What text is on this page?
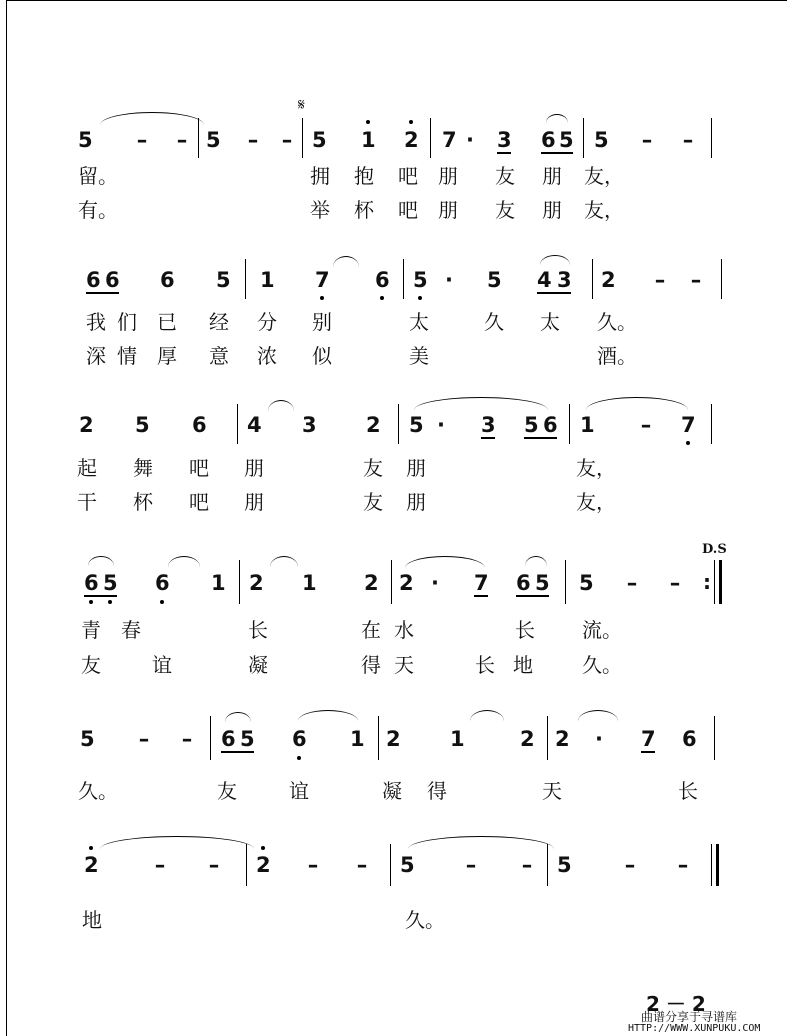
5 – – 5 – – 5 1 2 7 · 3 6 5 5 – –
𝄋
留。	拥 抱 吧 朋 友 朋 友，
有。	举 杯 吧 朋 友 朋 友，
6 6 6 5 1 7 6 5 · 5 4 3 2 – –
我 们 已 经 分 别	太	久 太 久。
深 情 厚 意 浓 似	美	酒。
2 5 6 4 3 2 5 · 3 5 6 1 – 7
起 舞 吧 朋	友 朋	友，
干 杯 吧 朋	友 朋	友，
D.S
6 5 6 1 2 1 2 2 · 7 6 5 5 – – :
青 春	长	在 水	长 流。
友	谊	凝	得 天	长 地 久。
5 – – 6 5 6 1 2 1	2 2 · 7 6
久。	友	谊	凝 得	天	长
2	– – 2 – – 5 – – 5	– –
地	久。
2－2
曲谱分享于寻谱库
HTTP://WWW.XUNPUKU.COM
